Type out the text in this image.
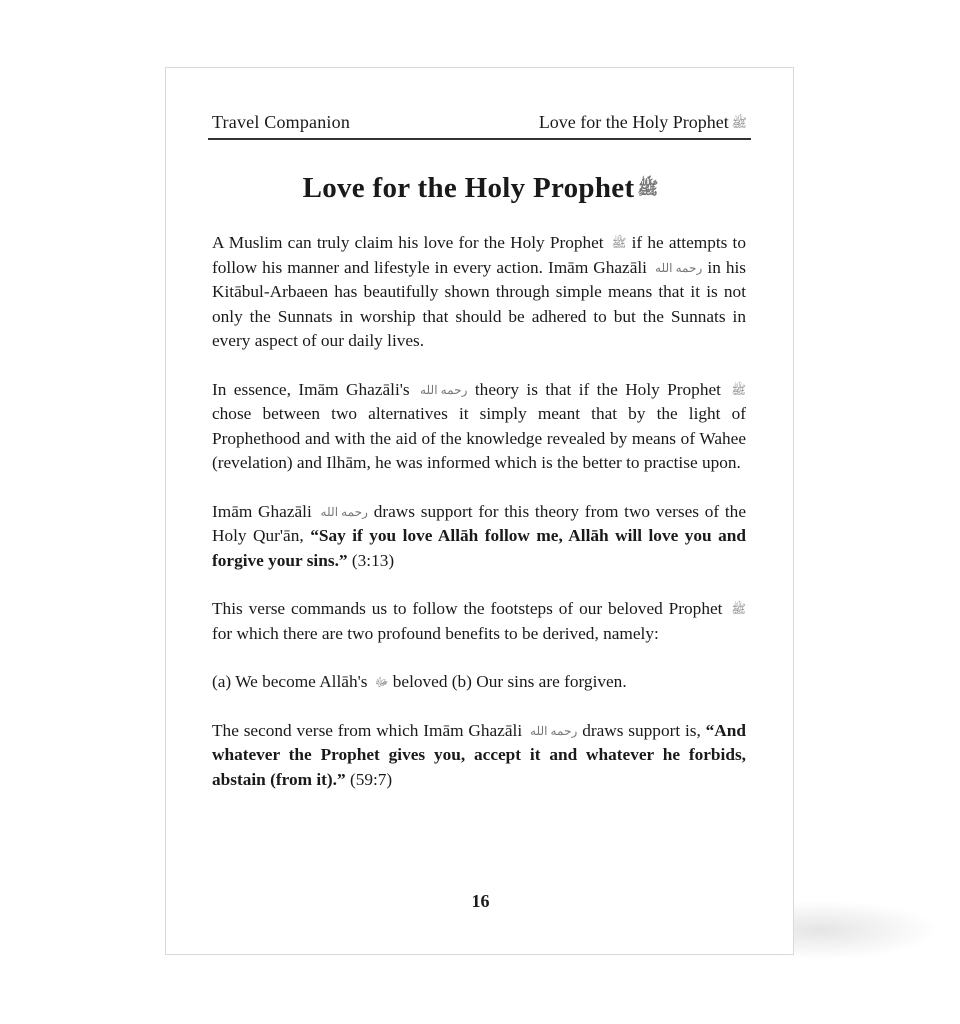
Travel Companion	Love for the Holy Prophet ﷺ
Love for the Holy Prophet ﷺ

A Muslim can truly claim his love for the Holy Prophet ﷺ if he attempts to follow his manner and lifestyle in every action. Imām Ghazāli رحمه الله in his Kitābul-Arbaeen has beautifully shown through simple means that it is not only the Sunnats in worship that should be adhered to but the Sunnats in every aspect of our daily lives.

In essence, Imām Ghazāli's رحمه الله theory is that if the Holy Prophet ﷺ chose between two alternatives it simply meant that by the light of Prophethood and with the aid of the knowledge revealed by means of Wahee (revelation) and Ilhām, he was informed which is the better to practise upon.

Imām Ghazāli رحمه الله draws support for this theory from two verses of the Holy Qur'ān, “Say if you love Allāh follow me, Allāh will love you and forgive your sins.” (3:13)

This verse commands us to follow the footsteps of our beloved Prophet ﷺ for which there are two profound benefits to be derived, namely:

(a) We become Allāh's ﷻ beloved (b) Our sins are forgiven.

The second verse from which Imām Ghazāli رحمه الله draws support is, “And whatever the Prophet gives you, accept it and whatever he forbids, abstain (from it).” (59:7)

16
